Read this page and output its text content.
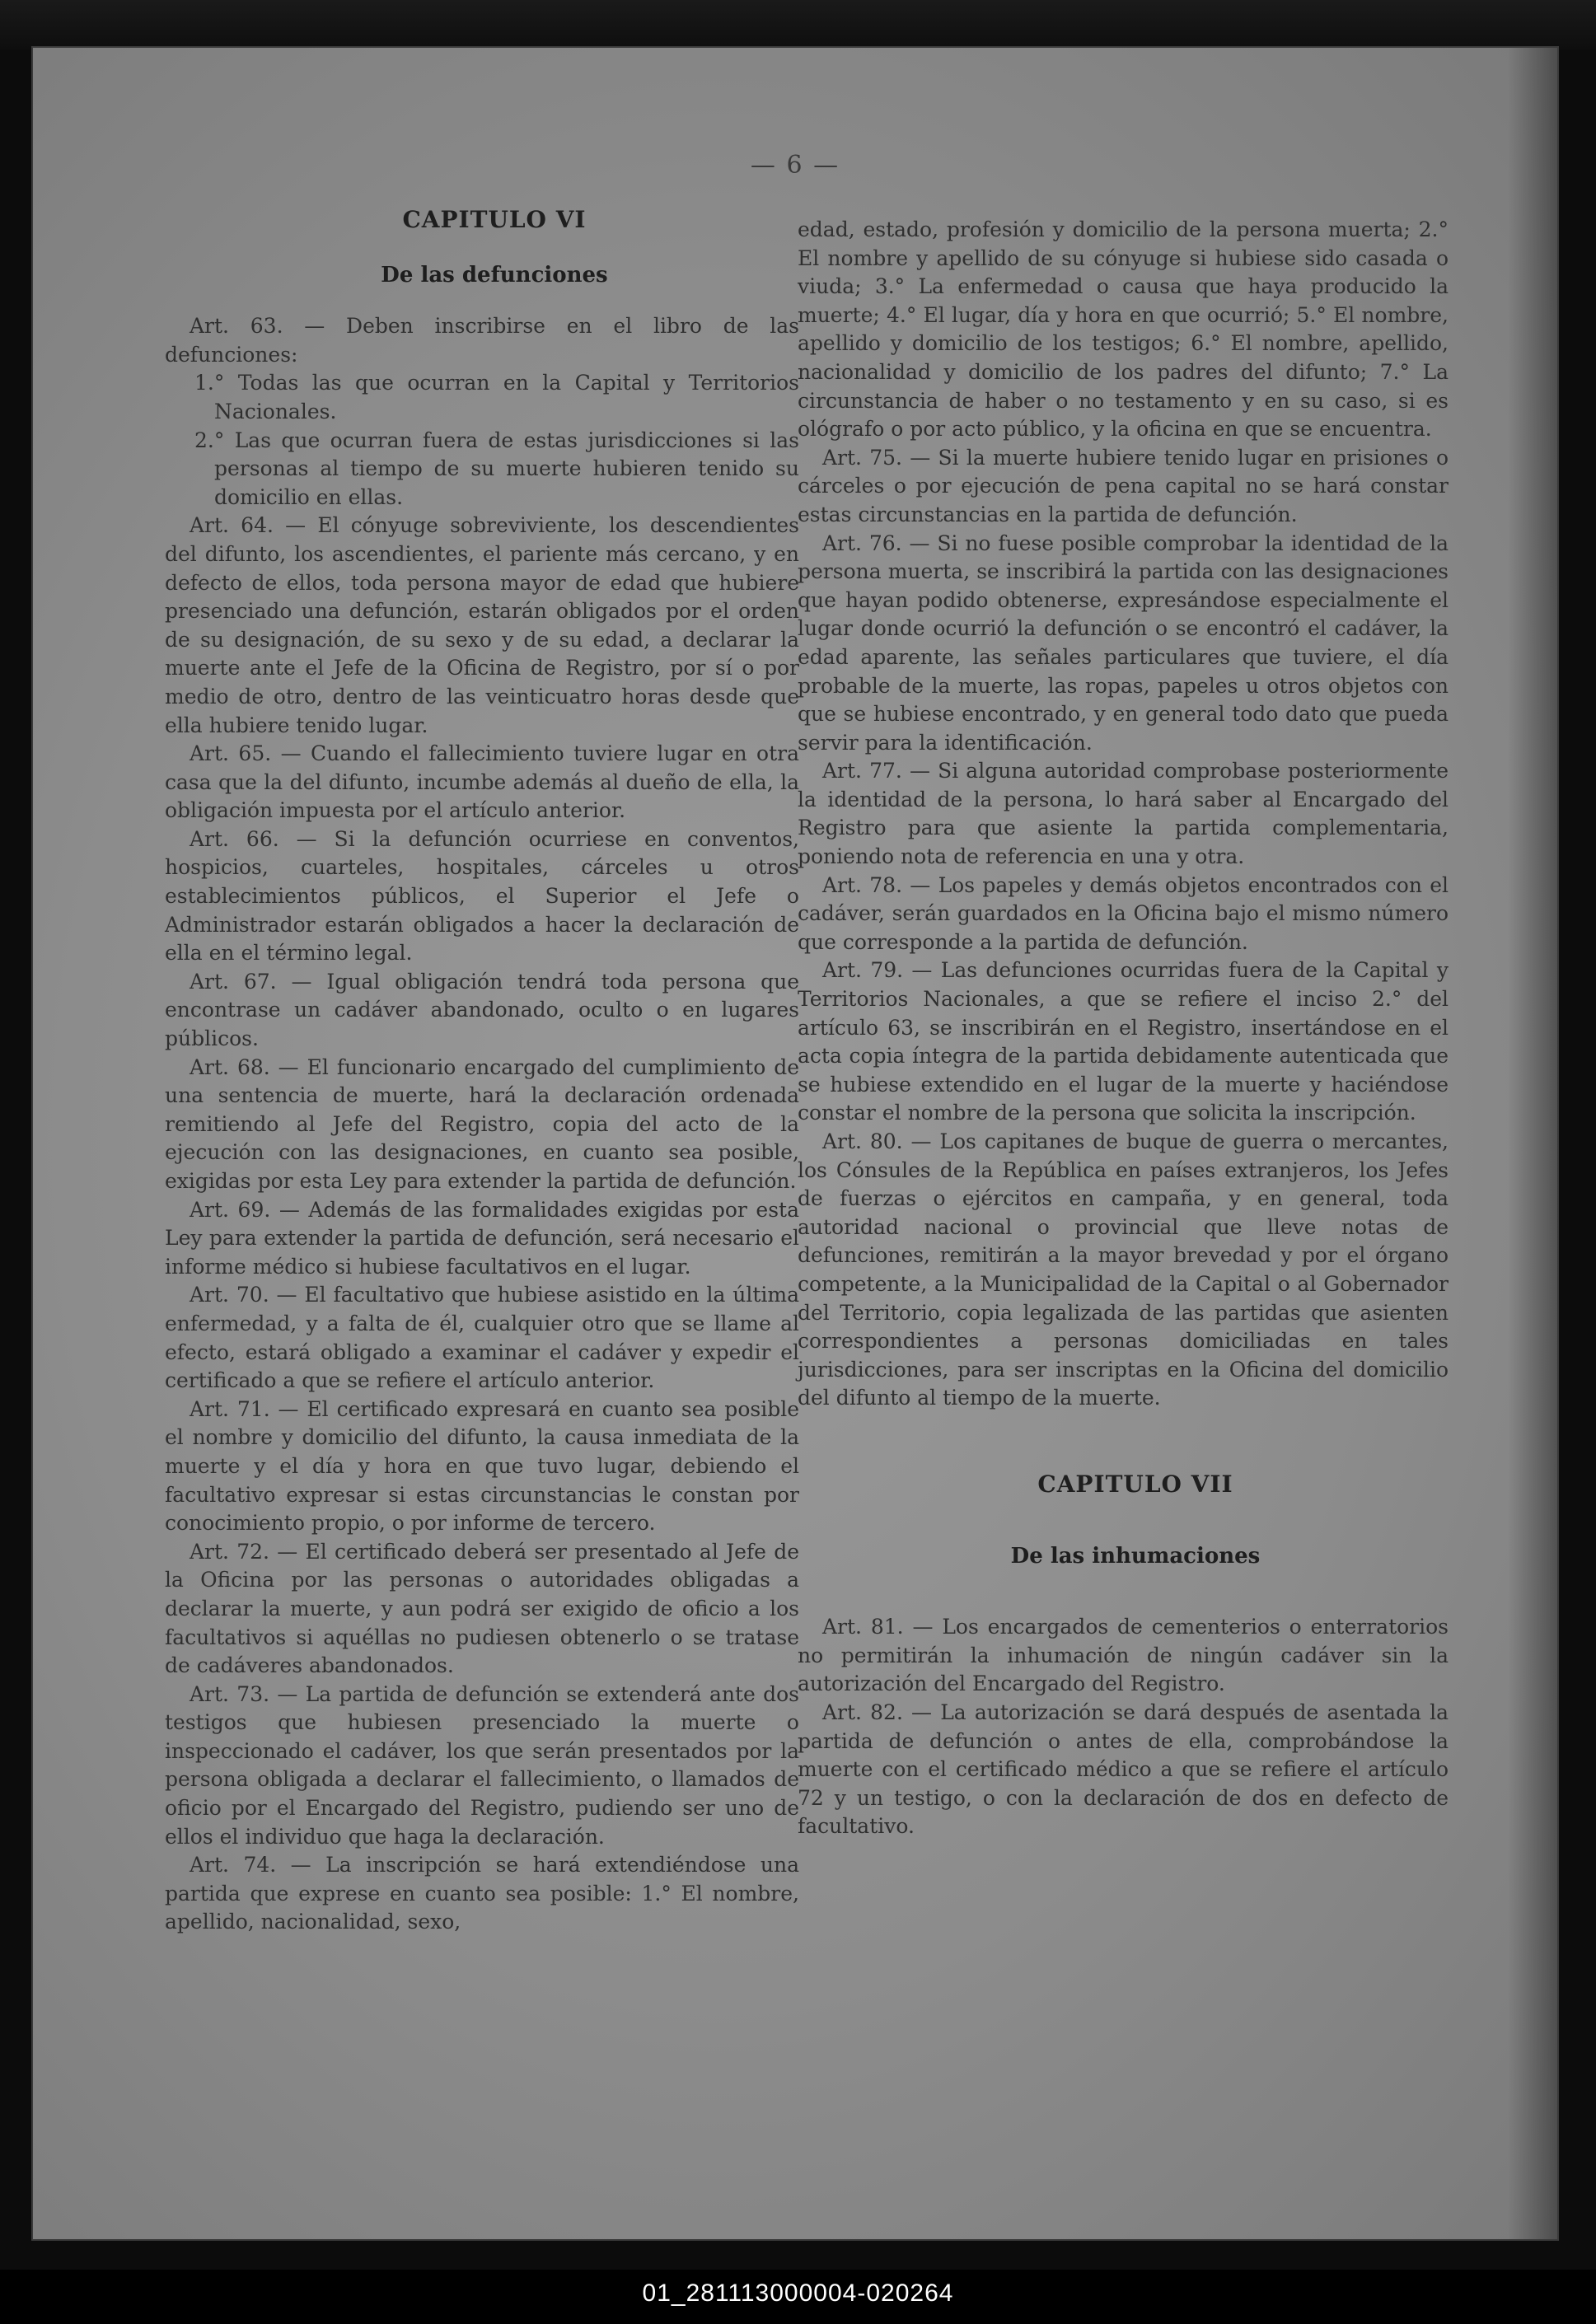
— 6 —

CAPITULO VI

De las defunciones

Art. 63. — Deben inscribirse en el libro de las defunciones:

1.° Todas las que ocurran en la Capital y Territorios Nacionales.

2.° Las que ocurran fuera de estas jurisdicciones si las personas al tiempo de su muerte hubieren tenido su domicilio en ellas.

Art. 64. — El cónyuge sobreviviente, los descendientes del difunto, los ascendientes, el pariente más cercano, y en defecto de ellos, toda persona mayor de edad que hubiere presenciado una defunción, estarán obligados por el orden de su designación, de su sexo y de su edad, a declarar la muerte ante el Jefe de la Oficina de Registro, por sí o por medio de otro, dentro de las veinticuatro horas desde que ella hubiere tenido lugar.

Art. 65. — Cuando el fallecimiento tuviere lugar en otra casa que la del difunto, incumbe además al dueño de ella, la obligación impuesta por el artículo anterior.

Art. 66. — Si la defunción ocurriese en conventos, hospicios, cuarteles, hospitales, cárceles u otros establecimientos públicos, el Superior el Jefe o Administrador estarán obligados a hacer la declaración de ella en el término legal.

Art. 67. — Igual obligación tendrá toda persona que encontrase un cadáver abandonado, oculto o en lugares públicos.

Art. 68. — El funcionario encargado del cumplimiento de una sentencia de muerte, hará la declaración ordenada remitiendo al Jefe del Registro, copia del acto de la ejecución con las designaciones, en cuanto sea posible, exigidas por esta Ley para extender la partida de defunción.

Art. 69. — Además de las formalidades exigidas por esta Ley para extender la partida de defunción, será necesario el informe médico si hubiese facultativos en el lugar.

Art. 70. — El facultativo que hubiese asistido en la última enfermedad, y a falta de él, cualquier otro que se llame al efecto, estará obligado a examinar el cadáver y expedir el certificado a que se refiere el artículo anterior.

Art. 71. — El certificado expresará en cuanto sea posible el nombre y domicilio del difunto, la causa inmediata de la muerte y el día y hora en que tuvo lugar, debiendo el facultativo expresar si estas circunstancias le constan por conocimiento propio, o por informe de tercero.

Art. 72. — El certificado deberá ser presentado al Jefe de la Oficina por las personas o autoridades obligadas a declarar la muerte, y aun podrá ser exigido de oficio a los facultativos si aquéllas no pudiesen obtenerlo o se tratase de cadáveres abandonados.

Art. 73. — La partida de defunción se extenderá ante dos testigos que hubiesen presenciado la muerte o inspeccionado el cadáver, los que serán presentados por la persona obligada a declarar el fallecimiento, o llamados de oficio por el Encargado del Registro, pudiendo ser uno de ellos el individuo que haga la declaración.

Art. 74. — La inscripción se hará extendiéndose una partida que exprese en cuanto sea posible: 1.° El nombre, apellido, nacionalidad, sexo,

edad, estado, profesión y domicilio de la persona muerta; 2.° El nombre y apellido de su cónyuge si hubiese sido casada o viuda; 3.° La enfermedad o causa que haya producido la muerte; 4.° El lugar, día y hora en que ocurrió; 5.° El nombre, apellido y domicilio de los testigos; 6.° El nombre, apellido, nacionalidad y domicilio de los padres del difunto; 7.° La circunstancia de haber o no testamento y en su caso, si es ológrafo o por acto público, y la oficina en que se encuentra.

Art. 75. — Si la muerte hubiere tenido lugar en prisiones o cárceles o por ejecución de pena capital no se hará constar estas circunstancias en la partida de defunción.

Art. 76. — Si no fuese posible comprobar la identidad de la persona muerta, se inscribirá la partida con las designaciones que hayan podido obtenerse, expresándose especialmente el lugar donde ocurrió la defunción o se encontró el cadáver, la edad aparente, las señales particulares que tuviere, el día probable de la muerte, las ropas, papeles u otros objetos con que se hubiese encontrado, y en general todo dato que pueda servir para la identificación.

Art. 77. — Si alguna autoridad comprobase posteriormente la identidad de la persona, lo hará saber al Encargado del Registro para que asiente la partida complementaria, poniendo nota de referencia en una y otra.

Art. 78. — Los papeles y demás objetos encontrados con el cadáver, serán guardados en la Oficina bajo el mismo número que corresponde a la partida de defunción.

Art. 79. — Las defunciones ocurridas fuera de la Capital y Territorios Nacionales, a que se refiere el inciso 2.° del artículo 63, se inscribirán en el Registro, insertándose en el acta copia íntegra de la partida debidamente autenticada que se hubiese extendido en el lugar de la muerte y haciéndose constar el nombre de la persona que solicita la inscripción.

Art. 80. — Los capitanes de buque de guerra o mercantes, los Cónsules de la República en países extranjeros, los Jefes de fuerzas o ejércitos en campaña, y en general, toda autoridad nacional o provincial que lleve notas de defunciones, remitirán a la mayor brevedad y por el órgano competente, a la Municipalidad de la Capital o al Gobernador del Territorio, copia legalizada de las partidas que asienten correspondientes a personas domiciliadas en tales jurisdicciones, para ser inscriptas en la Oficina del domicilio del difunto al tiempo de la muerte.

CAPITULO VII

De las inhumaciones

Art. 81. — Los encargados de cementerios o enterratorios no permitirán la inhumación de ningún cadáver sin la autorización del Encargado del Registro.

Art. 82. — La autorización se dará después de asentada la partida de defunción o antes de ella, comprobándose la muerte con el certificado médico a que se refiere el artículo 72 y un testigo, o con la declaración de dos en defecto de facultativo.

01_281113000004-020264
